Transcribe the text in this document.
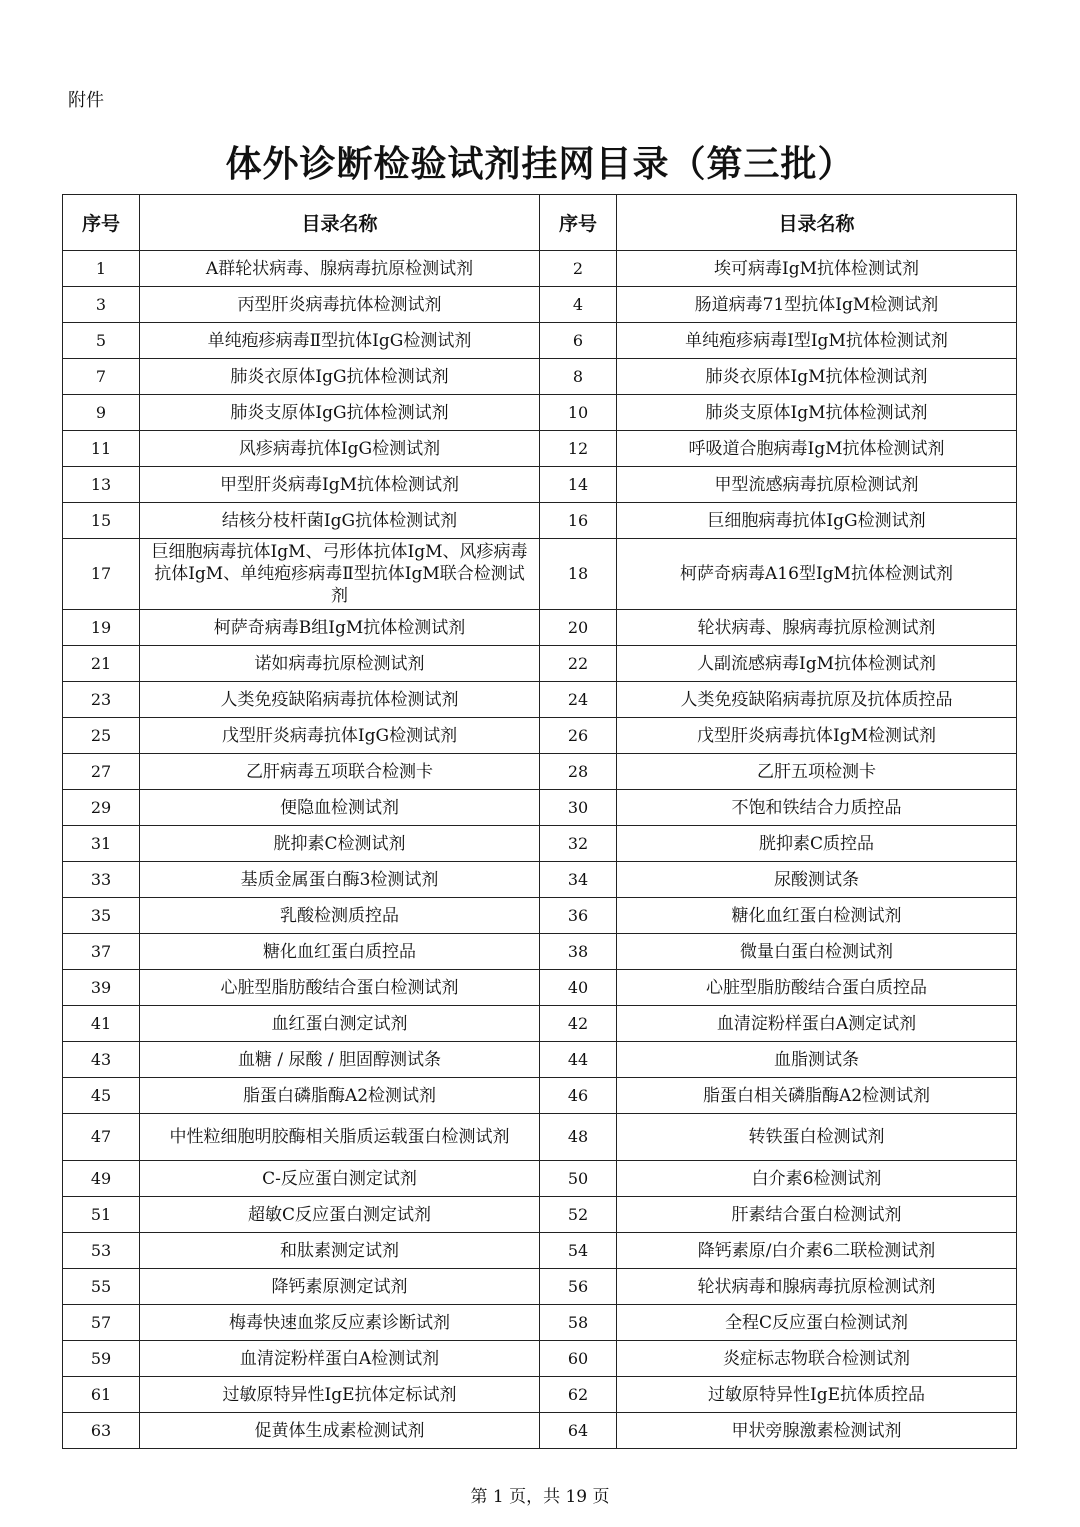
附件
体外诊断检验试剂挂网目录（第三批）
序号	目录名称	序号	目录名称
1	A群轮状病毒、腺病毒抗原检测试剂	2	埃可病毒IgM抗体检测试剂
3	丙型肝炎病毒抗体检测试剂	4	肠道病毒71型抗体IgM检测试剂
5	单纯疱疹病毒Ⅱ型抗体IgG检测试剂	6	单纯疱疹病毒I型IgM抗体检测试剂
7	肺炎衣原体IgG抗体检测试剂	8	肺炎衣原体IgM抗体检测试剂
9	肺炎支原体IgG抗体检测试剂	10	肺炎支原体IgM抗体检测试剂
11	风疹病毒抗体IgG检测试剂	12	呼吸道合胞病毒IgM抗体检测试剂
13	甲型肝炎病毒IgM抗体检测试剂	14	甲型流感病毒抗原检测试剂
15	结核分枝杆菌IgG抗体检测试剂	16	巨细胞病毒抗体IgG检测试剂
17	巨细胞病毒抗体IgM、弓形体抗体IgM、风疹病毒抗体IgM、单纯疱疹病毒Ⅱ型抗体IgM联合检测试剂	18	柯萨奇病毒A16型IgM抗体检测试剂
19	柯萨奇病毒B组IgM抗体检测试剂	20	轮状病毒、腺病毒抗原检测试剂
21	诺如病毒抗原检测试剂	22	人副流感病毒IgM抗体检测试剂
23	人类免疫缺陷病毒抗体检测试剂	24	人类免疫缺陷病毒抗原及抗体质控品
25	戊型肝炎病毒抗体IgG检测试剂	26	戊型肝炎病毒抗体IgM检测试剂
27	乙肝病毒五项联合检测卡	28	乙肝五项检测卡
29	便隐血检测试剂	30	不饱和铁结合力质控品
31	胱抑素C检测试剂	32	胱抑素C质控品
33	基质金属蛋白酶3检测试剂	34	尿酸测试条
35	乳酸检测质控品	36	糖化血红蛋白检测试剂
37	糖化血红蛋白质控品	38	微量白蛋白检测试剂
39	心脏型脂肪酸结合蛋白检测试剂	40	心脏型脂肪酸结合蛋白质控品
41	血红蛋白测定试剂	42	血清淀粉样蛋白A测定试剂
43	血糖 / 尿酸 / 胆固醇测试条	44	血脂测试条
45	脂蛋白磷脂酶A2检测试剂	46	脂蛋白相关磷脂酶A2检测试剂
47	中性粒细胞明胶酶相关脂质运载蛋白检测试剂	48	转铁蛋白检测试剂
49	C-反应蛋白测定试剂	50	白介素6检测试剂
51	超敏C反应蛋白测定试剂	52	肝素结合蛋白检测试剂
53	和肽素测定试剂	54	降钙素原/白介素6二联检测试剂
55	降钙素原测定试剂	56	轮状病毒和腺病毒抗原检测试剂
57	梅毒快速血浆反应素诊断试剂	58	全程C反应蛋白检测试剂
59	血清淀粉样蛋白A检测试剂	60	炎症标志物联合检测试剂
61	过敏原特异性IgE抗体定标试剂	62	过敏原特异性IgE抗体质控品
63	促黄体生成素检测试剂	64	甲状旁腺激素检测试剂
第 1 页，共 19 页
